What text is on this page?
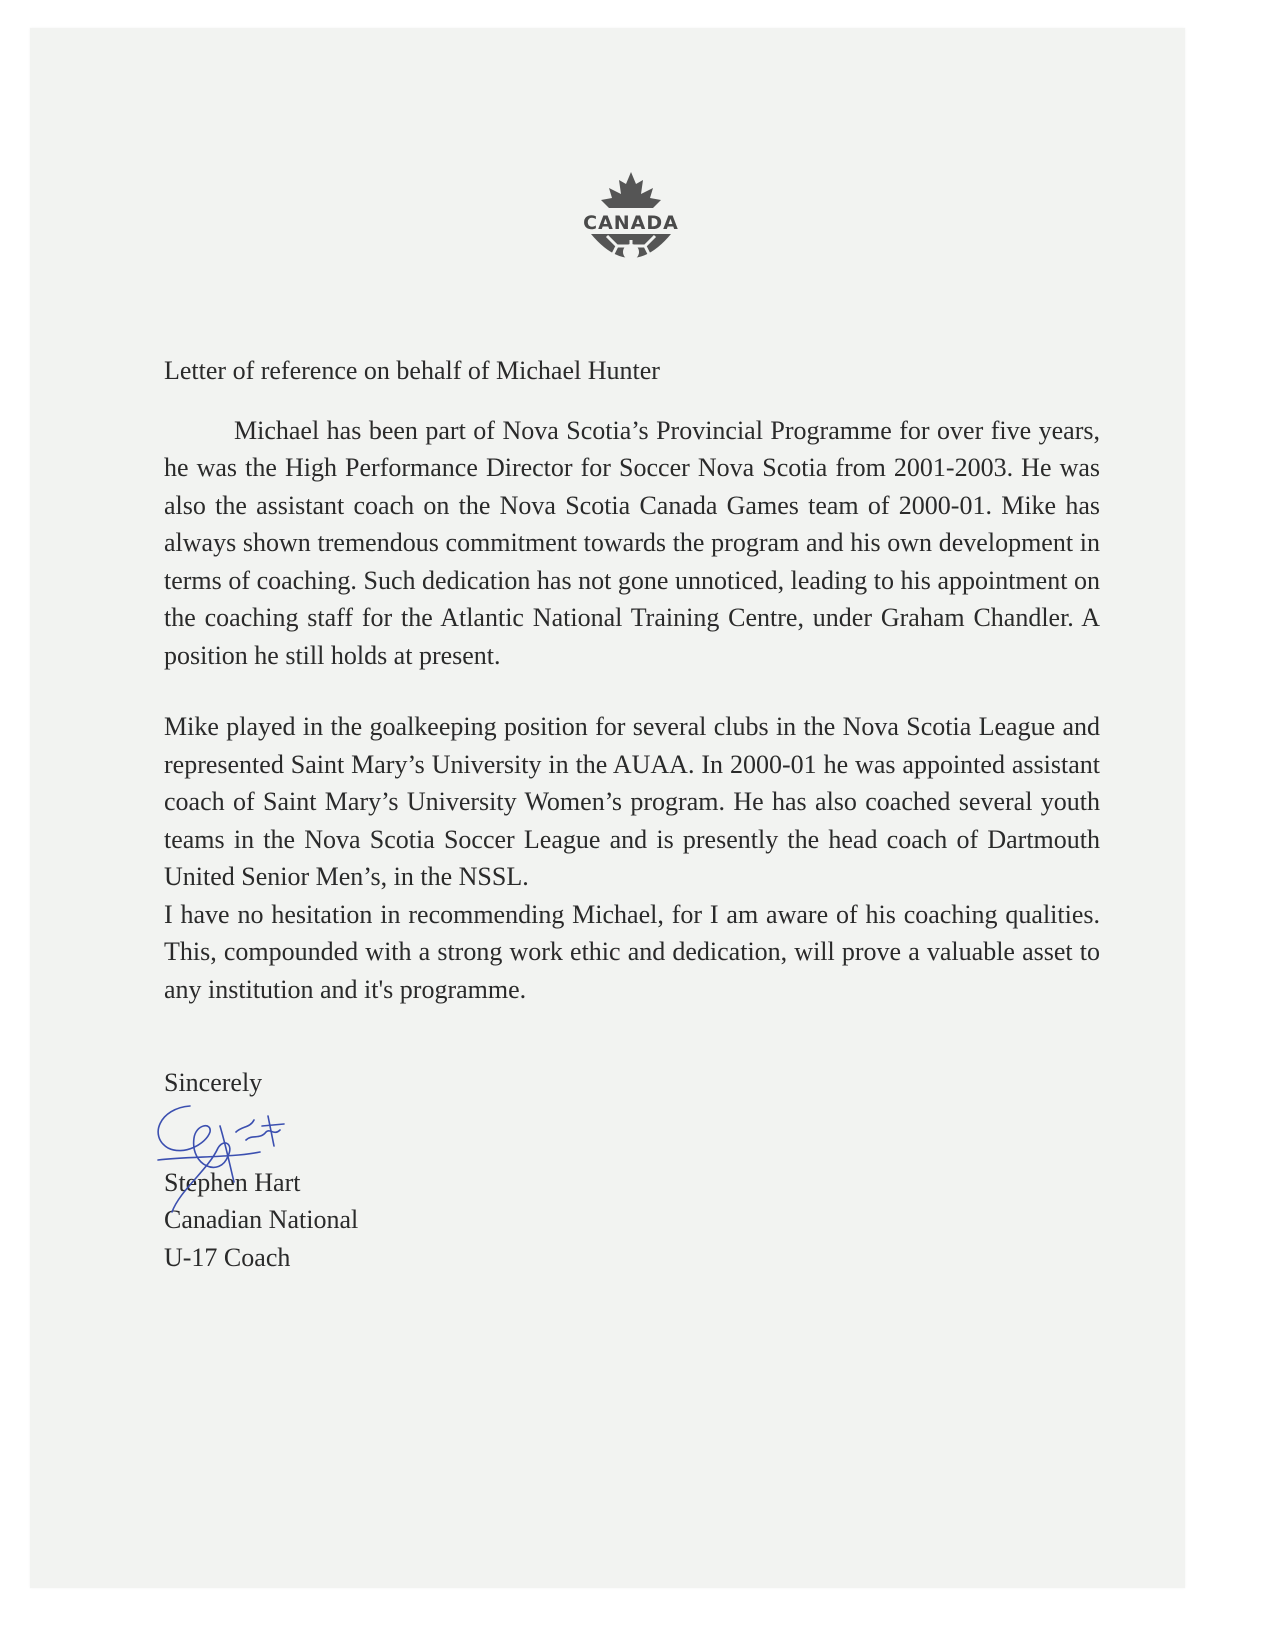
CANADA

Letter of reference on behalf of Michael Hunter

Michael has been part of Nova Scotia’s Provincial Programme for over five years, he was the High Performance Director for Soccer Nova Scotia from 2001-2003. He was also the assistant coach on the Nova Scotia Canada Games team of 2000-01. Mike has always shown tremendous commitment towards the program and his own development in terms of coaching. Such dedication has not gone unnoticed, leading to his appointment on the coaching staff for the Atlantic National Training Centre, under Graham Chandler. A position he still holds at present.

Mike played in the goalkeeping position for several clubs in the Nova Scotia League and represented Saint Mary’s University in the AUAA. In 2000-01 he was appointed assistant coach of Saint Mary’s University Women’s program. He has also coached several youth teams in the Nova Scotia Soccer League and is presently the head coach of Dartmouth United Senior Men’s, in the NSSL.

I have no hesitation in recommending Michael, for I am aware of his coaching qualities. This, compounded with a strong work ethic and dedication, will prove a valuable asset to any institution and it's programme.

Sincerely

Stephen Hart

Canadian National

U-17 Coach
